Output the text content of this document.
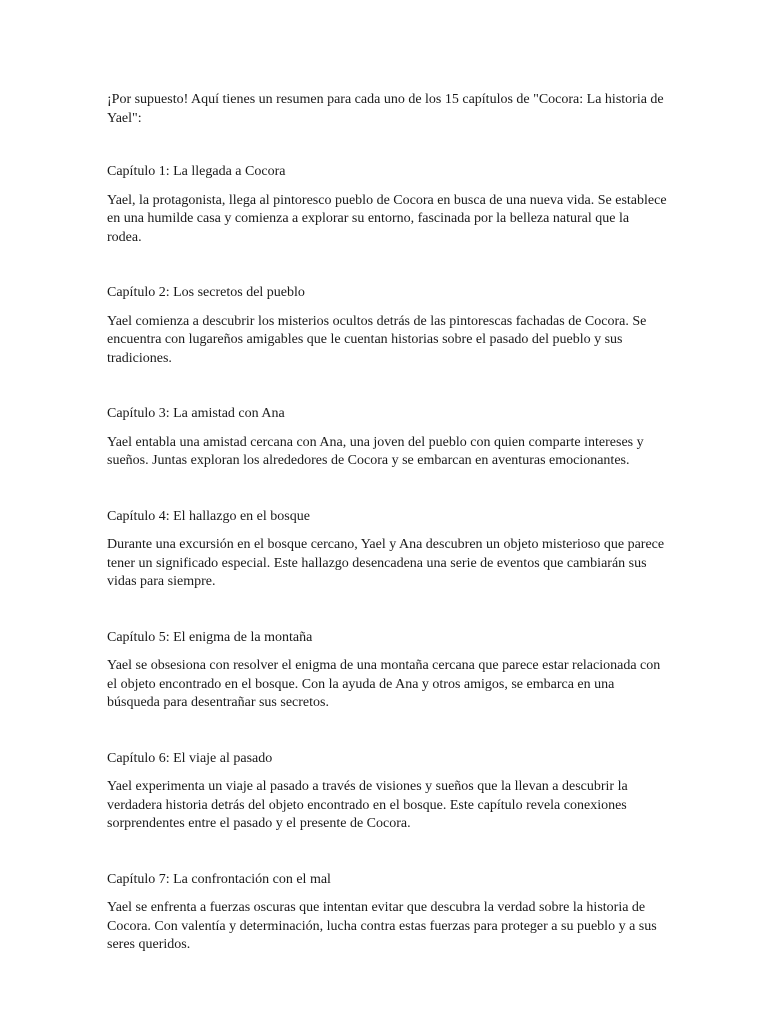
¡Por supuesto! Aquí tienes un resumen para cada uno de los 15 capítulos de "Cocora: La historia de Yael":

Capítulo 1: La llegada a Cocora

Yael, la protagonista, llega al pintoresco pueblo de Cocora en busca de una nueva vida. Se establece en una humilde casa y comienza a explorar su entorno, fascinada por la belleza natural que la rodea.

Capítulo 2: Los secretos del pueblo

Yael comienza a descubrir los misterios ocultos detrás de las pintorescas fachadas de Cocora. Se encuentra con lugareños amigables que le cuentan historias sobre el pasado del pueblo y sus tradiciones.

Capítulo 3: La amistad con Ana

Yael entabla una amistad cercana con Ana, una joven del pueblo con quien comparte intereses y sueños. Juntas exploran los alrededores de Cocora y se embarcan en aventuras emocionantes.

Capítulo 4: El hallazgo en el bosque

Durante una excursión en el bosque cercano, Yael y Ana descubren un objeto misterioso que parece tener un significado especial. Este hallazgo desencadena una serie de eventos que cambiarán sus vidas para siempre.

Capítulo 5: El enigma de la montaña

Yael se obsesiona con resolver el enigma de una montaña cercana que parece estar relacionada con el objeto encontrado en el bosque. Con la ayuda de Ana y otros amigos, se embarca en una búsqueda para desentrañar sus secretos.

Capítulo 6: El viaje al pasado

Yael experimenta un viaje al pasado a través de visiones y sueños que la llevan a descubrir la verdadera historia detrás del objeto encontrado en el bosque. Este capítulo revela conexiones sorprendentes entre el pasado y el presente de Cocora.

Capítulo 7: La confrontación con el mal

Yael se enfrenta a fuerzas oscuras que intentan evitar que descubra la verdad sobre la historia de Cocora. Con valentía y determinación, lucha contra estas fuerzas para proteger a su pueblo y a sus seres queridos.
